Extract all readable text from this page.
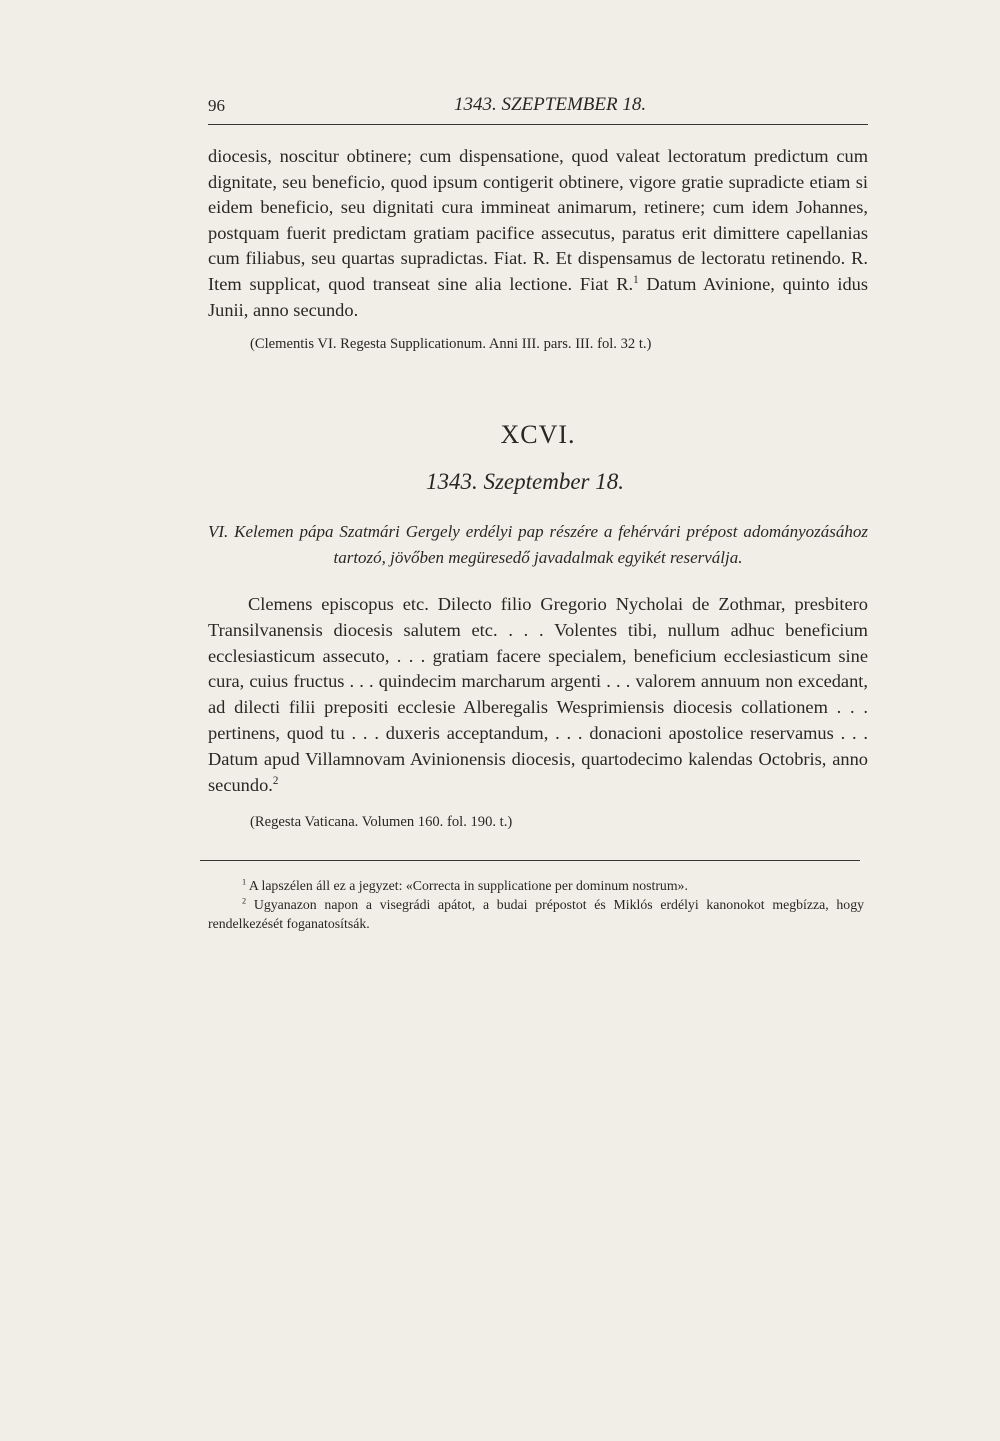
96	1343. SZEPTEMBER 18.

diocesis, noscitur obtinere; cum dispensatione, quod valeat lectoratum predictum cum dignitate, seu beneficio, quod ipsum contigerit obtinere, vigore gratie supradicte etiam si eidem beneficio, seu dignitati cura immineat animarum, retinere; cum idem Johannes, postquam fuerit predictam gratiam pacifice assecutus, paratus erit dimittere capellanias cum filiabus, seu quartas supradictas. Fiat. R. Et dispensamus de lectoratu retinendo. R. Item supplicat, quod transeat sine alia lectione. Fiat R.$^1$ Datum Avinione, quinto idus Junii, anno secundo.

(Clementis VI. Regesta Supplicationum. Anni III. pars. III. fol. 32 t.)

XCVI.
1343. Szeptember 18.

VI. Kelemen pápa Szatmári Gergely erdélyi pap részére a fehérvári prépost adományozásához tartozó, jövőben megüresedő javadalmak egyikét reserválja.

Clemens episcopus etc. Dilecto filio Gregorio Nycholai de Zothmar, presbitero Transilvanensis diocesis salutem etc. . . . Volentes tibi, nullum adhuc beneficium ecclesiasticum assecuto, . . . gratiam facere specialem, beneficium ecclesiasticum sine cura, cuius fructus . . . quindecim marcharum argenti . . . valorem annuum non excedant, ad dilecti filii prepositi ecclesie Alberegalis Wesprimiensis diocesis collationem . . . pertinens, quod tu . . . duxeris acceptandum, . . . donacioni apostolice reservamus . . . Datum apud Villamnovam Avinionensis diocesis, quartodecimo kalendas Octobris, anno secundo.$^2$

(Regesta Vaticana. Volumen 160. fol. 190. t.)

$^1$ A lapszélen áll ez a jegyzet: «Correcta in supplicatione per dominum nostrum».

$^2$ Ugyanazon napon a visegrádi apátot, a budai prépostot és Miklós erdélyi kanonokot megbízza, hogy rendelkezését foganatosítsák.
